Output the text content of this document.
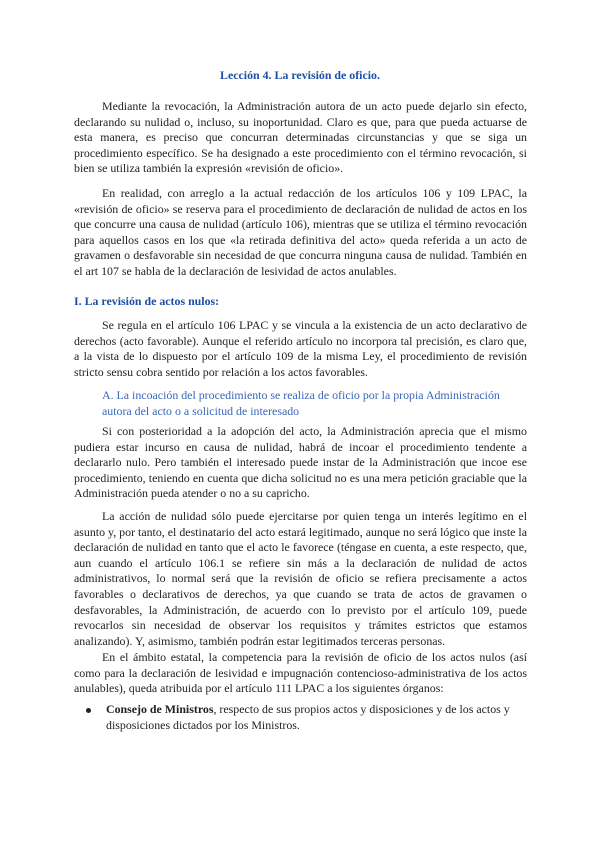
Lección 4. La revisión de oficio.

Mediante la revocación, la Administración autora de un acto puede dejarlo sin efecto, declarando su nulidad o, incluso, su inoportunidad. Claro es que, para que pueda actuarse de esta manera, es preciso que concurran determinadas circunstancias y que se siga un procedimiento específico. Se ha designado a este procedimiento con el término revocación, si bien se utiliza también la expresión «revisión de oficio».

En realidad, con arreglo a la actual redacción de los artículos 106 y 109 LPAC, la «revisión de oficio» se reserva para el procedimiento de declaración de nulidad de actos en los que concurre una causa de nulidad (artículo 106), mientras que se utiliza el término revocación para aquellos casos en los que «la retirada definitiva del acto» queda referida a un acto de gravamen o desfavorable sin necesidad de que concurra ninguna causa de nulidad. También en el art 107 se habla de la declaración de lesividad de actos anulables.

I. La revisión de actos nulos:

Se regula en el artículo 106 LPAC y se vincula a la existencia de un acto declarativo de derechos (acto favorable). Aunque el referido artículo no incorpora tal precisión, es claro que, a la vista de lo dispuesto por el artículo 109 de la misma Ley, el procedimiento de revisión stricto sensu cobra sentido por relación a los actos favorables.

A. La incoación del procedimiento se realiza de oficio por la propia Administración autora del acto o a solicitud de interesado

Si con posterioridad a la adopción del acto, la Administración aprecia que el mismo pudiera estar incurso en causa de nulidad, habrá de incoar el procedimiento tendente a declararlo nulo. Pero también el interesado puede instar de la Administración que incoe ese procedimiento, teniendo en cuenta que dicha solicitud no es una mera petición graciable que la Administración pueda atender o no a su capricho.

La acción de nulidad sólo puede ejercitarse por quien tenga un interés legítimo en el asunto y, por tanto, el destinatario del acto estará legitimado, aunque no será lógico que inste la declaración de nulidad en tanto que el acto le favorece (téngase en cuenta, a este respecto, que, aun cuando el artículo 106.1 se refiere sin más a la declaración de nulidad de actos administrativos, lo normal será que la revisión de oficio se refiera precisamente a actos favorables o declarativos de derechos, ya que cuando se trata de actos de gravamen o desfavorables, la Administración, de acuerdo con lo previsto por el artículo 109, puede revocarlos sin necesidad de observar los requisitos y trámites estrictos que estamos analizando). Y, asimismo, también podrán estar legitimados terceras personas.

En el ámbito estatal, la competencia para la revisión de oficio de los actos nulos (así como para la declaración de lesividad e impugnación contencioso-administrativa de los actos anulables), queda atribuida por el artículo 111 LPAC a los siguientes órganos:

Consejo de Ministros, respecto de sus propios actos y disposiciones y de los actos y disposiciones dictados por los Ministros.
